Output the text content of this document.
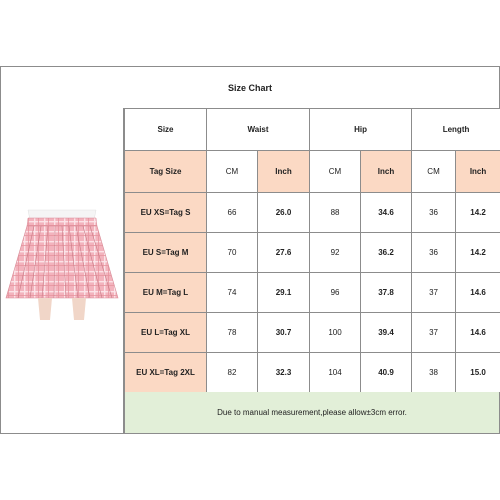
Size Chart
Size	Waist		Hip		Length	
Tag Size	CM	Inch	CM	Inch	CM	Inch
EU XS=Tag S	66	26.0	88	34.6	36	14.2
EU S=Tag M	70	27.6	92	36.2	36	14.2
EU M=Tag L	74	29.1	96	37.8	37	14.6
EU L=Tag XL	78	30.7	100	39.4	37	14.6
EU XL=Tag 2XL	82	32.3	104	40.9	38	15.0
Due to manual measurement,please allow±3cm error.
